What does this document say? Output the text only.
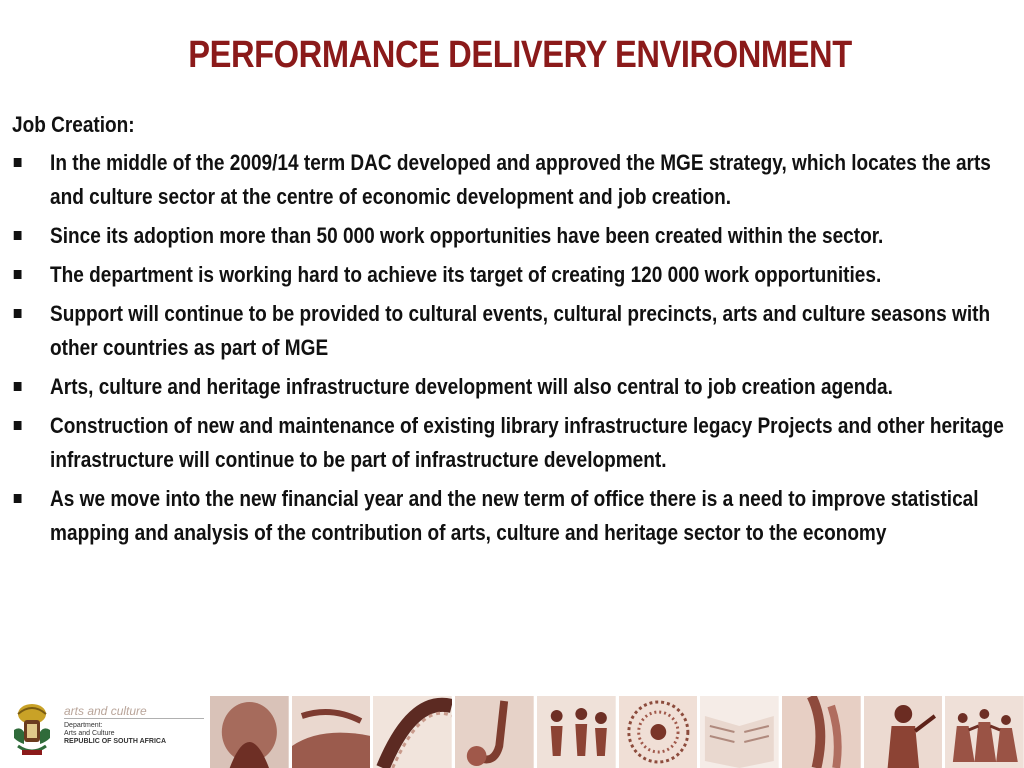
PERFORMANCE DELIVERY ENVIRONMENT
Job Creation:
In the middle of the 2009/14 term DAC developed and approved the MGE strategy, which locates the arts and culture sector at the centre of economic development and job creation.
Since its adoption more than 50 000 work opportunities have been created within the sector.
The department is working hard to achieve its target of creating 120 000 work opportunities.
Support will continue to be provided to cultural events, cultural precincts, arts and culture seasons with other countries as part of MGE
Arts, culture and heritage infrastructure development will also central to job creation agenda.
Construction of new and maintenance of existing library infrastructure legacy Projects and other heritage infrastructure will continue to be part of infrastructure development.
As we move into the new financial year and the new term of office there is a need to improve statistical mapping and analysis of the contribution of arts, culture and heritage sector to the economy
arts and culture
Department:
Arts and Culture
REPUBLIC OF SOUTH AFRICA
